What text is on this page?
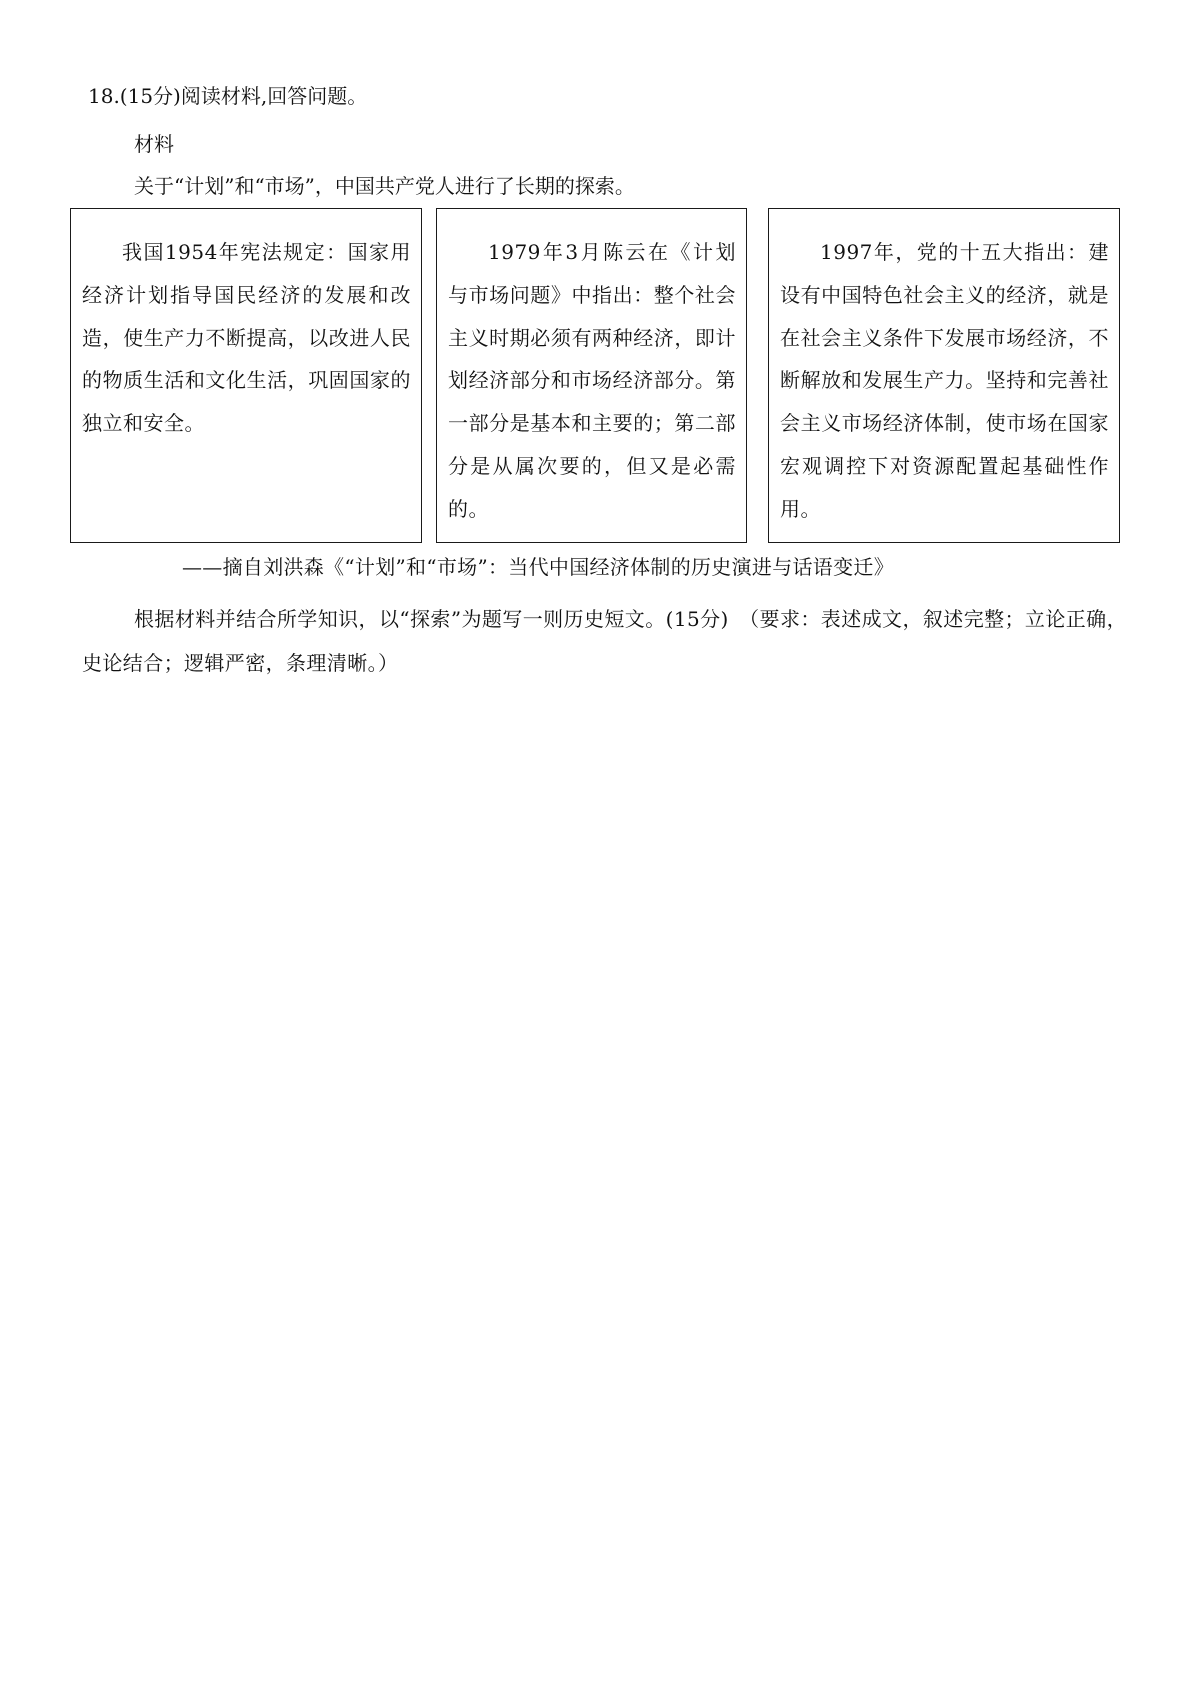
18.(15分)阅读材料,回答问题。
材料
关于“计划”和“市场”，中国共产党人进行了长期的探索。
我国1954年宪法规定：国家用经济计划指导国民经济的发展和改造，使生产力不断提高，以改进人民的物质生活和文化生活，巩固国家的独立和安全。
1979年3月陈云在《计划与市场问题》中指出：整个社会主义时期必须有两种经济，即计划经济部分和市场经济部分。第一部分是基本和主要的；第二部分是从属次要的，但又是必需的。
1997年，党的十五大指出：建设有中国特色社会主义的经济，就是在社会主义条件下发展市场经济，不断解放和发展生产力。坚持和完善社会主义市场经济体制，使市场在国家宏观调控下对资源配置起基础性作用。
——摘自刘洪森《“计划”和“市场”：当代中国经济体制的历史演进与话语变迁》
根据材料并结合所学知识，以“探索”为题写一则历史短文。(15分)　（要求：表述成文，叙述完整；立论正确，史论结合；逻辑严密，条理清晰。）
